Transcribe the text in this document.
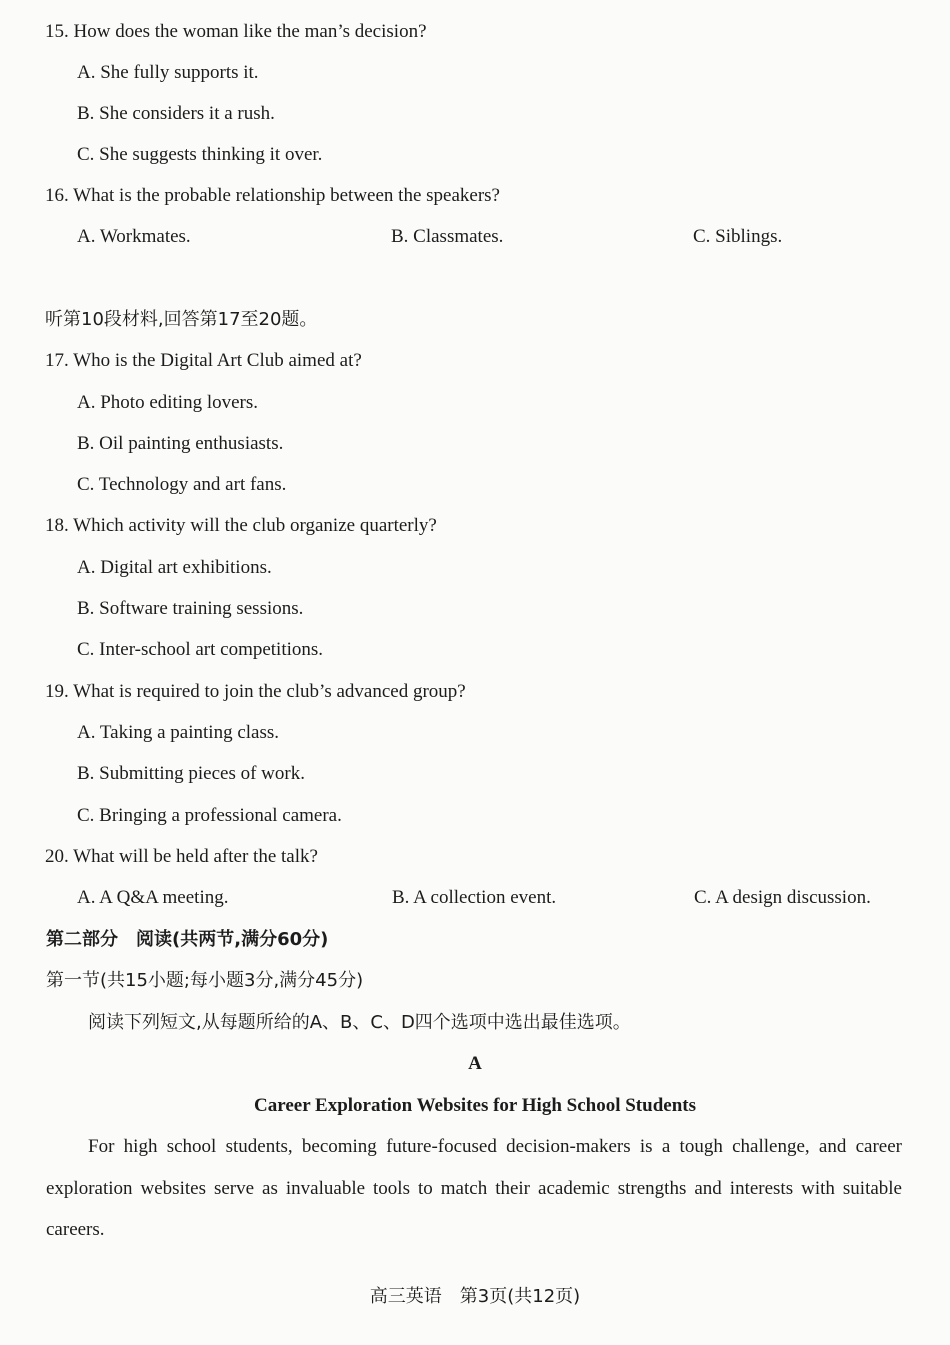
15. How does the woman like the man’s decision?
A. She fully supports it.
B. She considers it a rush.
C. She suggests thinking it over.
16. What is the probable relationship between the speakers?
A. Workmates.	B. Classmates.	C. Siblings.
听第10段材料,回答第17至20题。
17. Who is the Digital Art Club aimed at?
A. Photo editing lovers.
B. Oil painting enthusiasts.
C. Technology and art fans.
18. Which activity will the club organize quarterly?
A. Digital art exhibitions.
B. Software training sessions.
C. Inter-school art competitions.
19. What is required to join the club’s advanced group?
A. Taking a painting class.
B. Submitting pieces of work.
C. Bringing a professional camera.
20. What will be held after the talk?
A. A Q&A meeting.	B. A collection event.	C. A design discussion.
第二部分　阅读(共两节,满分60分)
第一节(共15小题;每小题3分,满分45分)
阅读下列短文,从每题所给的A、B、C、D四个选项中选出最佳选项。
A
Career Exploration Websites for High School Students
For high school students, becoming future-focused decision-makers is a tough challenge, and career exploration websites serve as invaluable tools to match their academic strengths and interests with suitable careers.
高三英语　第3页(共12页)
